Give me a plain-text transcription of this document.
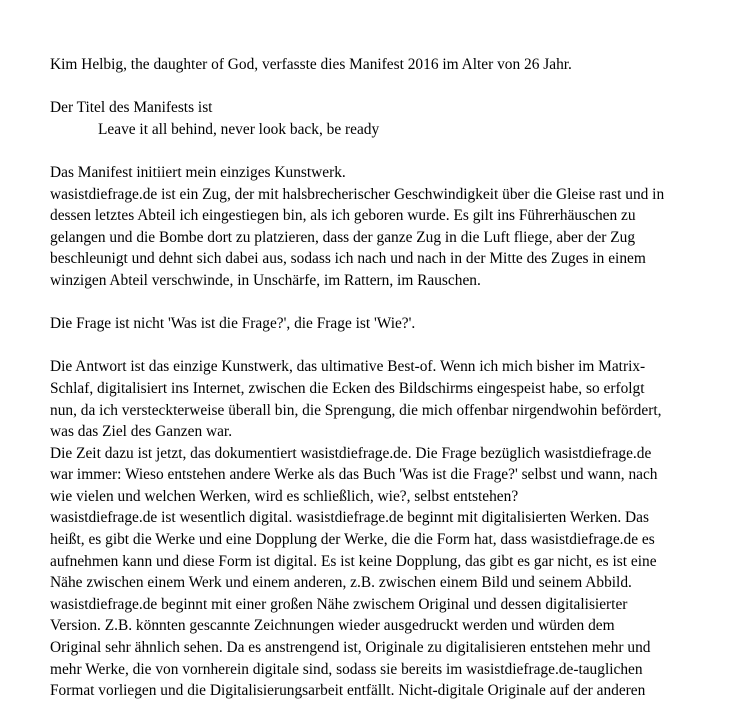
Kim Helbig, the daughter of God, verfasste dies Manifest 2016 im Alter von 26 Jahr.

Der Titel des Manifests ist

Leave it all behind, never look back, be ready

Das Manifest initiiert mein einziges Kunstwerk.

wasistdiefrage.de ist ein Zug, der mit halsbrecherischer Geschwindigkeit über die Gleise rast und in

dessen letztes Abteil ich eingestiegen bin, als ich geboren wurde. Es gilt ins Führerhäuschen zu

gelangen und die Bombe dort zu platzieren, dass der ganze Zug in die Luft fliege, aber der Zug

beschleunigt und dehnt sich dabei aus, sodass ich nach und nach in der Mitte des Zuges in einem

winzigen Abteil verschwinde, in Unschärfe, im Rattern, im Rauschen.

Die Frage ist nicht 'Was ist die Frage?', die Frage ist 'Wie?'.

Die Antwort ist das einzige Kunstwerk, das ultimative Best-of. Wenn ich mich bisher im Matrix-

Schlaf, digitalisiert ins Internet, zwischen die Ecken des Bildschirms eingespeist habe, so erfolgt

nun, da ich versteckterweise überall bin, die Sprengung, die mich offenbar nirgendwohin befördert,

was das Ziel des Ganzen war.

Die Zeit dazu ist jetzt, das dokumentiert wasistdiefrage.de. Die Frage bezüglich wasistdiefrage.de

war immer: Wieso entstehen andere Werke als das Buch 'Was ist die Frage?' selbst und wann, nach

wie vielen und welchen Werken, wird es schließlich, wie?, selbst entstehen?

wasistdiefrage.de ist wesentlich digital. wasistdiefrage.de beginnt mit digitalisierten Werken. Das

heißt, es gibt die Werke und eine Dopplung der Werke, die die Form hat, dass wasistdiefrage.de es

aufnehmen kann und diese Form ist digital. Es ist keine Dopplung, das gibt es gar nicht, es ist eine

Nähe zwischen einem Werk und einem anderen, z.B. zwischen einem Bild und seinem Abbild.

wasistdiefrage.de beginnt mit einer großen Nähe zwischem Original und dessen digitalisierter

Version. Z.B. könnten gescannte Zeichnungen wieder ausgedruckt werden und würden dem

Original sehr ähnlich sehen. Da es anstrengend ist, Originale zu digitalisieren entstehen mehr und

mehr Werke, die von vornherein digitale sind, sodass sie bereits im wasistdiefrage.de-tauglichen

Format vorliegen und die Digitalisierungsarbeit entfällt. Nicht-digitale Originale auf der anderen
